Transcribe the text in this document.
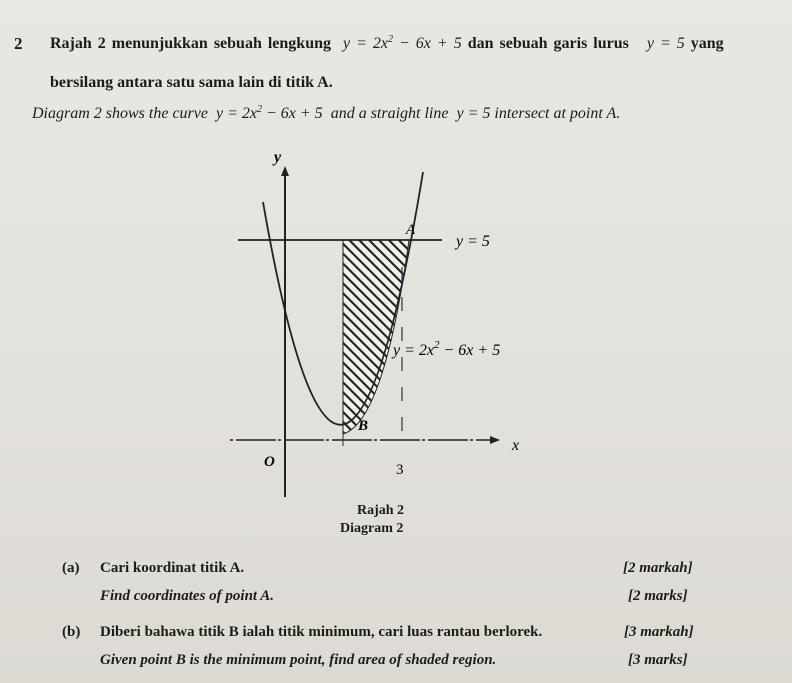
2 Rajah 2 menunjukkan sebuah lengkung $y = 2x^2 - 6x + 5$ dan sebuah garis lurus y = 5 yang
bersilang antara satu sama lain di titik A.
Diagram 2 shows the curve $y = 2x^2 - 6x + 5$  and a straight line y = 5 intersect at point A.
y
x
O
A
B
y = 5
$y = 2x^2 - 6x + 5$
3
Rajah 2
Diagram 2
(a) Cari koordinat titik A.
Find coordinates of point A.
[2 markah]
[2 marks]
(b) Diberi bahawa titik B ialah titik minimum, cari luas rantau berlorek.
Given point B is the minimum point, find area of shaded region.
[3 markah]
[3 marks]
